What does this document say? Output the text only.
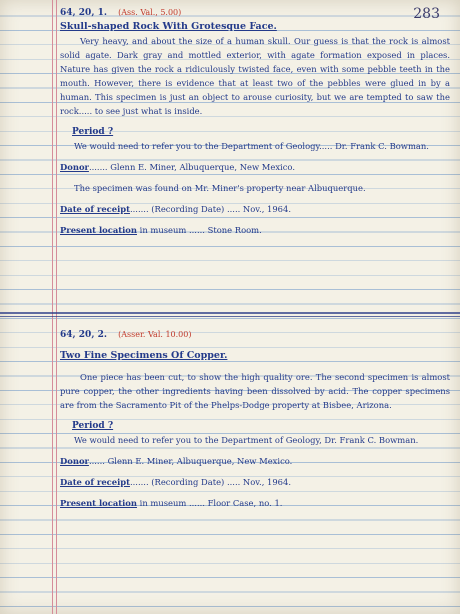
283
64, 20, 1. (Ass. Val., 5.00)
Skull-shaped Rock With Grotesque Face.

Very heavy, and about the size of a human skull. Our guess is that the rock is almost solid agate. Dark gray and mottled exterior, with agate formation exposed in places. Nature has given the rock a ridiculously twisted face, even with some pebble teeth in the mouth. However, there is evidence that at least two of the pebbles were glued in by a human. This specimen is just an object to arouse curiosity, but we are tempted to saw the rock..... to see just what is inside.

Period ?

We would need to refer you to the Department of Geology..... Dr. Frank C. Bowman.

Donor....... Glenn E. Miner, Albuquerque, New Mexico.

The specimen was found on Mr. Miner's property near Albuquerque.

Date of receipt....... (Recording Date) ..... Nov., 1964.
Present location in museum ...... Stone Room.
64, 20, 2. (Asser. Val. 10.00)
Two Fine Specimens Of Copper.

One piece has been cut, to show the high quality ore. The second specimen is almost pure copper, the other ingredients having been dissolved by acid. The copper specimens are from the Sacramento Pit of the Phelps-Dodge property at Bisbee, Arizona.

Period ?

We would need to refer you to the Department of Geology, Dr. Frank C. Bowman.

Donor...... Glenn E. Miner, Albuquerque, New Mexico.
Date of receipt....... (Recording Date) ..... Nov., 1964.
Present location in museum ...... Floor Case, no. 1.
